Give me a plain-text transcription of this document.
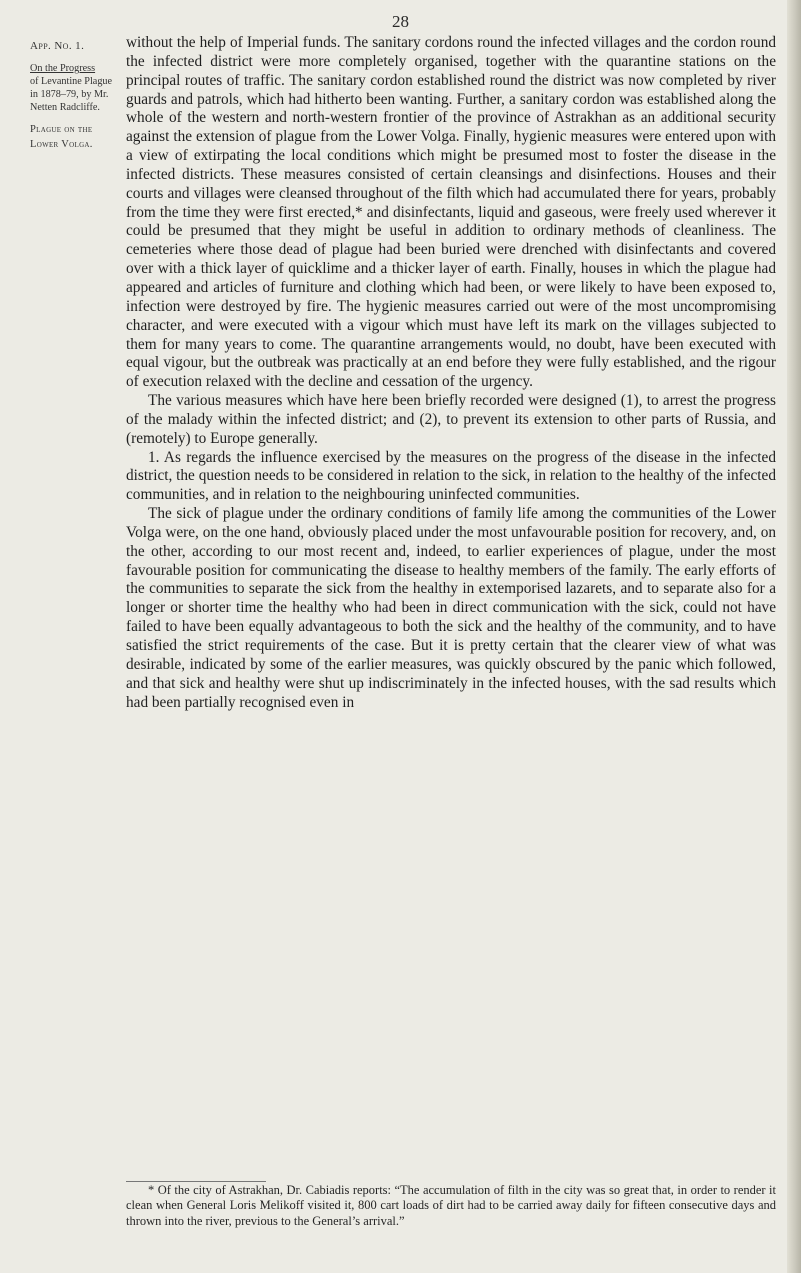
28
App. No. 1.
On the Progress
of Levantine Plague in 1878–79, by Mr. Netten Radcliffe.
Plague on the Lower Volga.

without the help of Imperial funds. The sanitary cordons round the infected villages and the cordon round the infected district were more completely organised, together with the quarantine stations on the principal routes of traffic. The sanitary cordon established round the district was now completed by river guards and patrols, which had hitherto been wanting. Further, a sanitary cordon was established along the whole of the western and north-western frontier of the province of Astrakhan as an additional security against the extension of plague from the Lower Volga. Finally, hygienic measures were entered upon with a view of extirpating the local conditions which might be presumed most to foster the disease in the infected districts. These measures consisted of certain cleansings and disinfections. Houses and their courts and villages were cleansed throughout of the filth which had accumulated there for years, probably from the time they were first erected,* and disinfectants, liquid and gaseous, were freely used wherever it could be presumed that they might be useful in addition to ordinary methods of cleanliness. The cemeteries where those dead of plague had been buried were drenched with disinfectants and covered over with a thick layer of quicklime and a thicker layer of earth. Finally, houses in which the plague had appeared and articles of furniture and clothing which had been, or were likely to have been exposed to, infection were destroyed by fire. The hygienic measures carried out were of the most uncompromising character, and were executed with a vigour which must have left its mark on the villages subjected to them for many years to come. The quarantine arrangements would, no doubt, have been executed with equal vigour, but the outbreak was practically at an end before they were fully established, and the rigour of execution relaxed with the decline and cessation of the urgency.

The various measures which have here been briefly recorded were designed (1), to arrest the progress of the malady within the infected district; and (2), to prevent its extension to other parts of Russia, and (remotely) to Europe generally.

1. As regards the influence exercised by the measures on the progress of the disease in the infected district, the question needs to be considered in relation to the sick, in relation to the healthy of the infected communities, and in relation to the neighbouring uninfected communities.

The sick of plague under the ordinary conditions of family life among the communities of the Lower Volga were, on the one hand, obviously placed under the most unfavourable position for recovery, and, on the other, according to our most recent and, indeed, to earlier experiences of plague, under the most favourable position for communicating the disease to healthy members of the family. The early efforts of the communities to separate the sick from the healthy in extemporised lazarets, and to separate also for a longer or shorter time the healthy who had been in direct communication with the sick, could not have failed to have been equally advantageous to both the sick and the healthy of the community, and to have satisfied the strict requirements of the case. But it is pretty certain that the clearer view of what was desirable, indicated by some of the earlier measures, was quickly obscured by the panic which followed, and that sick and healthy were shut up indiscriminately in the infected houses, with the sad results which had been partially recognised even in

* Of the city of Astrakhan, Dr. Cabiadis reports: “The accumulation of filth in the city was so great that, in order to render it clean when General Loris Melikoff visited it, 800 cart loads of dirt had to be carried away daily for fifteen consecutive days and thrown into the river, previous to the General’s arrival.”
